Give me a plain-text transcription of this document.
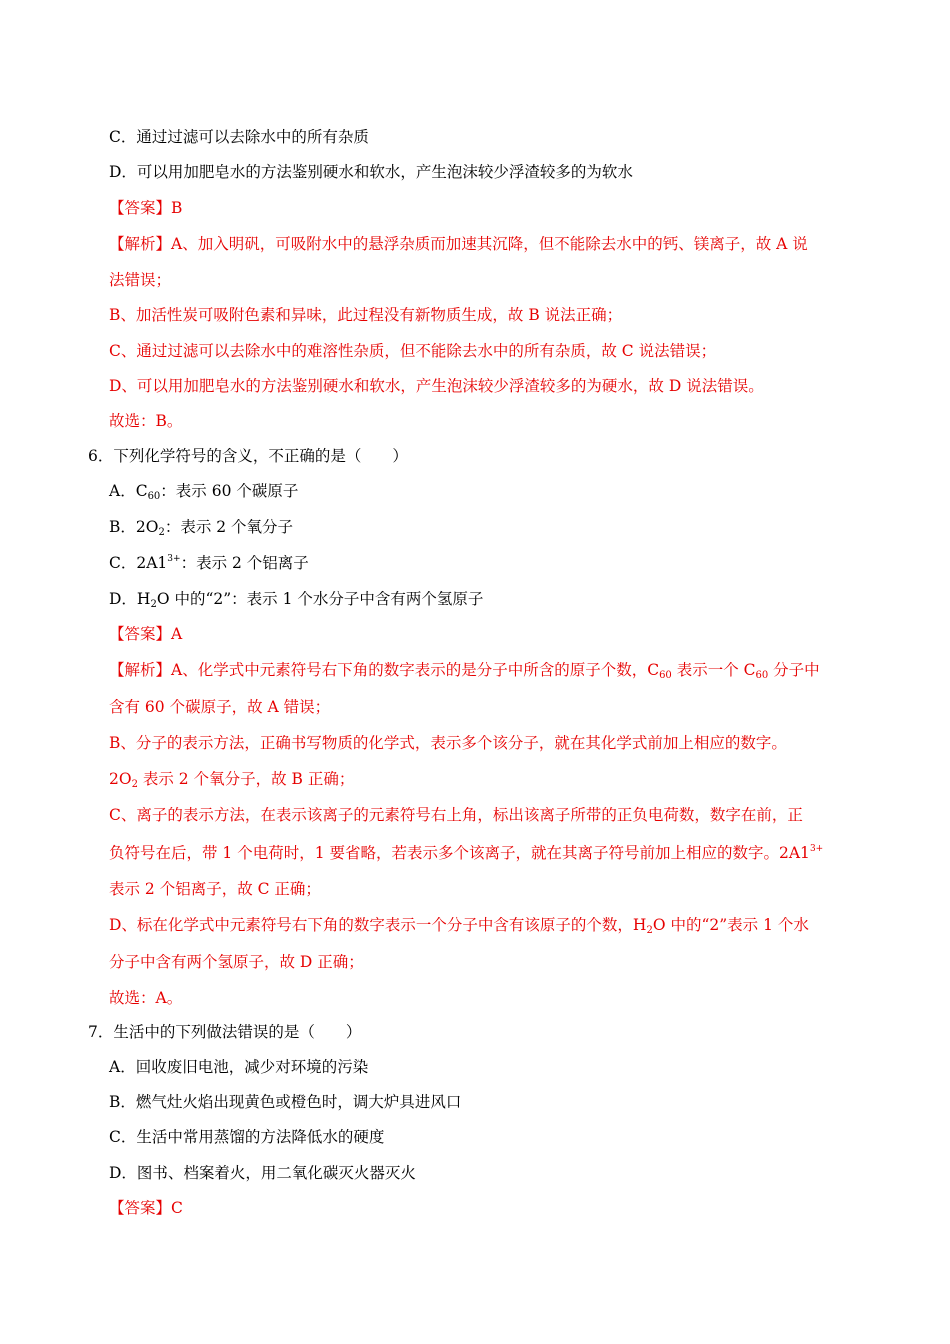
C．通过过滤可以去除水中的所有杂质
D．可以用加肥皂水的方法鉴别硬水和软水，产生泡沫较少浮渣较多的为软水
【答案】B
【解析】A、加入明矾，可吸附水中的悬浮杂质而加速其沉降，但不能除去水中的钙、镁离子，故 A 说
法错误；
B、加活性炭可吸附色素和异味，此过程没有新物质生成，故 B 说法正确；
C、通过过滤可以去除水中的难溶性杂质，但不能除去水中的所有杂质，故 C 说法错误；
D、可以用加肥皂水的方法鉴别硬水和软水，产生泡沫较少浮渣较多的为硬水，故 D 说法错误。
故选：B。
6．下列化学符号的含义，不正确的是（　　）
A．$C_{60}$：表示 60 个碳原子
B．$2O_2$：表示 2 个氧分子
C．$2A1^{3+}$：表示 2 个铝离子
D．$H_2O$ 中的“2”：表示 1 个水分子中含有两个氢原子
【答案】A
【解析】A、化学式中元素符号右下角的数字表示的是分子中所含的原子个数，$C_{60}$ 表示一个 $C_{60}$ 分子中
含有 60 个碳原子，故 A 错误；
B、分子的表示方法，正确书写物质的化学式，表示多个该分子，就在其化学式前加上相应的数字。
$2O_2$ 表示 2 个氧分子，故 B 正确；
C、离子的表示方法，在表示该离子的元素符号右上角，标出该离子所带的正负电荷数，数字在前，正
负符号在后，带 1 个电荷时，1 要省略，若表示多个该离子，就在其离子符号前加上相应的数字。$2A1^{3+}$
表示 2 个铝离子，故 C 正确；
D、标在化学式中元素符号右下角的数字表示一个分子中含有该原子的个数，$H_2O$ 中的“2”表示 1 个水
分子中含有两个氢原子，故 D 正确；
故选：A。
7．生活中的下列做法错误的是（　　）
A．回收废旧电池，减少对环境的污染
B．燃气灶火焰出现黄色或橙色时，调大炉具进风口
C．生活中常用蒸馏的方法降低水的硬度
D．图书、档案着火，用二氧化碳灭火器灭火
【答案】C
